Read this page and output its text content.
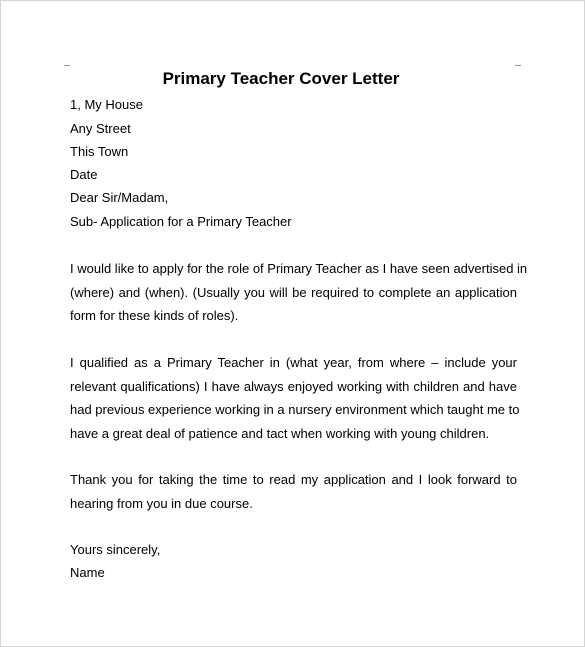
Primary Teacher Cover Letter
1, My House
Any Street
This Town
Date
Dear Sir/Madam,
Sub- Application for a Primary Teacher
I would like to apply for the role of Primary Teacher as I have seen advertised in
(where) and (when). (Usually you will be required to complete an application
form for these kinds of roles).
I qualified as a Primary Teacher in (what year, from where – include your
relevant qualifications) I have always enjoyed working with children and have
had previous experience working in a nursery environment which taught me to
have a great deal of patience and tact when working with young children.
Thank you for taking the time to read my application and I look forward to
hearing from you in due course.
Yours sincerely,
Name
